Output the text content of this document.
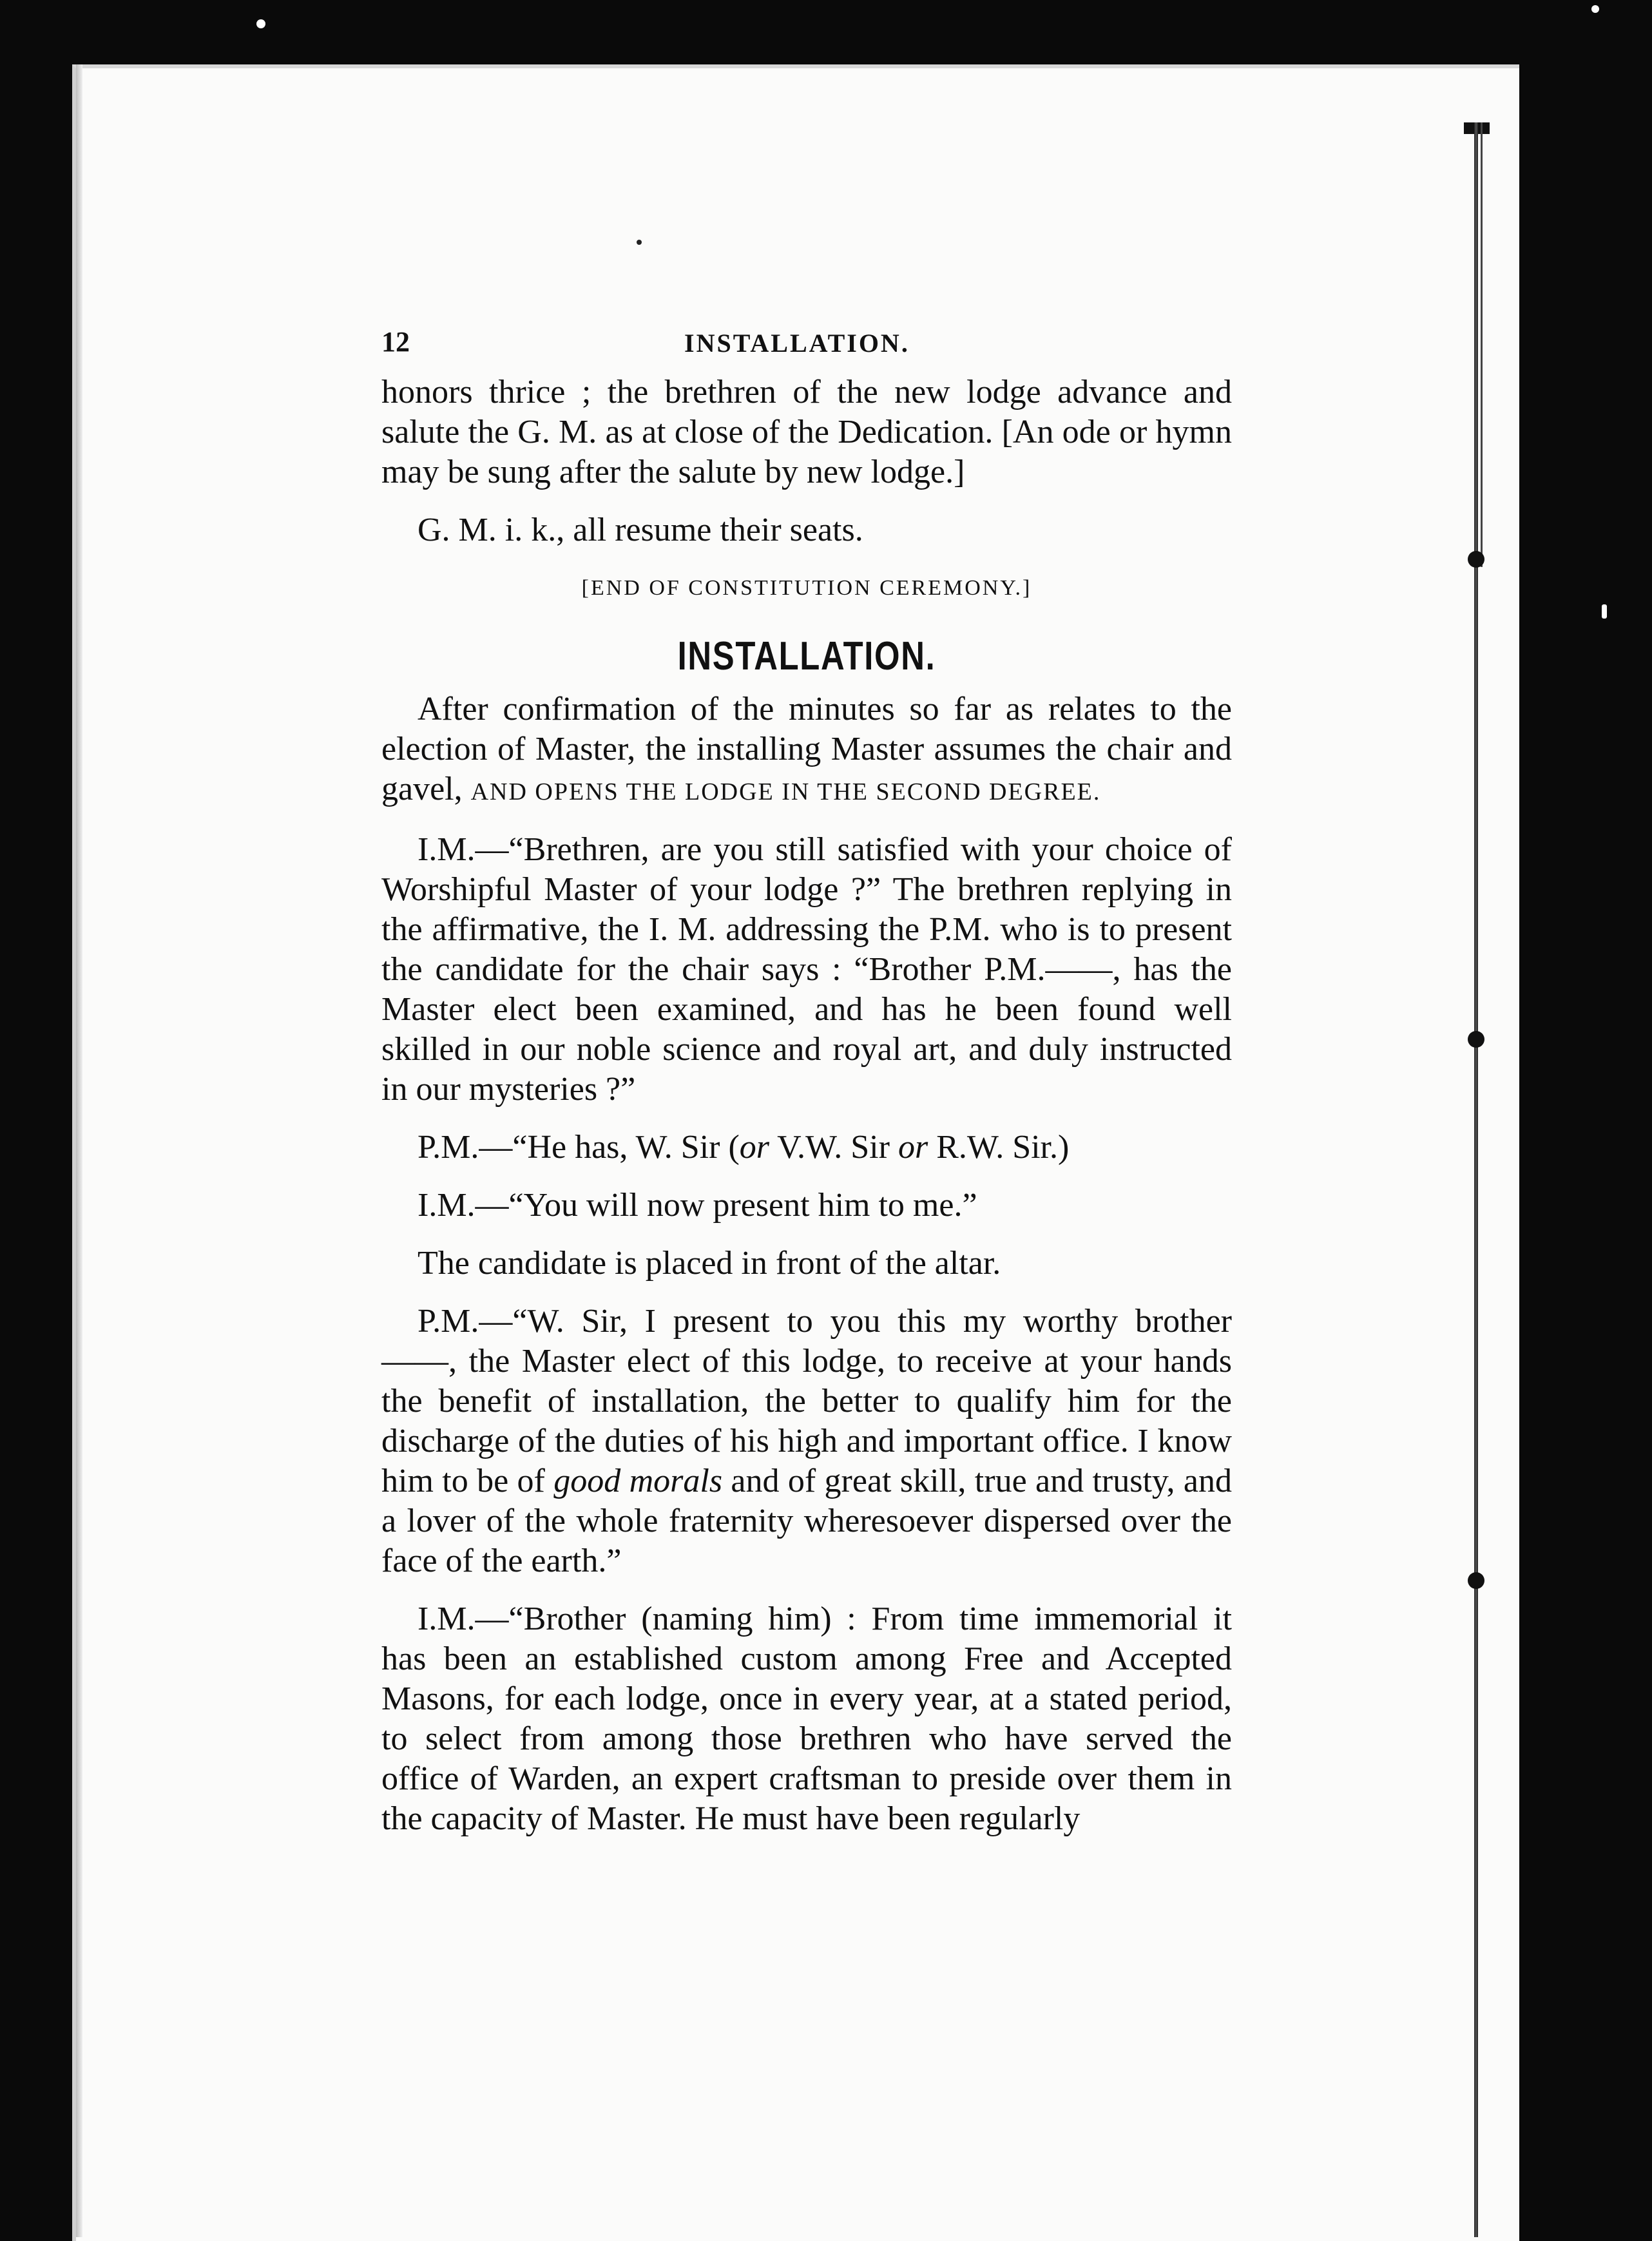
12	INSTALLATION.

honors thrice ; the brethren of the new lodge advance and salute the G. M. as at close of the Dedication. [An ode or hymn may be sung after the salute by new lodge.]

G. M. i. k., all resume their seats.

[END OF CONSTITUTION CEREMONY.]
INSTALLATION.

After confirmation of the minutes so far as relates to the election of Master, the installing Master assumes the chair and gavel, AND OPENS THE LODGE IN THE SECOND DEGREE.

I.M.—“Brethren, are you still satisfied with your choice of Worshipful Master of your lodge ?” The brethren replying in the affirmative, the I. M. addressing the P.M. who is to present the candidate for the chair says : “Brother P.M.——, has the Master elect been examined, and has he been found well skilled in our noble science and royal art, and duly instructed in our mysteries ?”

P.M.—“He has, W. Sir (or V.W. Sir or R.W. Sir.)

I.M.—“You will now present him to me.”

The candidate is placed in front of the altar.

P.M.—“W. Sir, I present to you this my worthy brother ——, the Master elect of this lodge, to receive at your hands the benefit of installation, the better to qualify him for the discharge of the duties of his high and important office. I know him to be of good morals and of great skill, true and trusty, and a lover of the whole fraternity wheresoever dispersed over the face of the earth.”

I.M.—“Brother (naming him) : From time immemorial it has been an established custom among Free and Accepted Masons, for each lodge, once in every year, at a stated period, to select from among those brethren who have served the office of Warden, an expert craftsman to preside over them in the capacity of Master. He must have been regularly
